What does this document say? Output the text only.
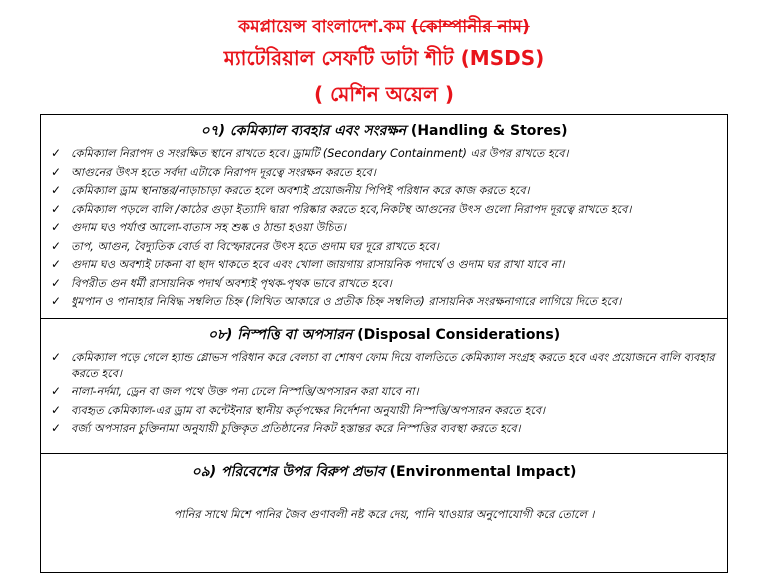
কমপ্লায়েন্স বাংলাদেশ.কম (কোম্পানীর নাম)
ম্যাটেরিয়াল সেফটি ডাটা শীট (MSDS)
( মেশিন অয়েল )
০৭) কেমিক্যাল ব্যবহার এবং সংরক্ষন (Handling & Stores)
✓ কেমিক্যাল নিরাপদ ও সংরক্ষিত স্থানে রাখতে হবে। ড্রামটি (Secondary Containment) এর উপর রাখতে হবে।
✓ আগুনের উৎস হতে সর্বদা এটাকে নিরাপদ দূরত্বে সংরক্ষন করতে হবে।
✓ কেমিক্যাল ড্রাম স্থানান্তর/নাড়াচাড়া করতে হলে অবশ্যই প্রয়োজনীয় পিপিই পরিধান করে কাজ করতে হবে।
✓ কেমিক্যাল পড়লে বালি /কাঠের গুড়া ইত্যাদি দ্বারা পরিষ্কার করতে হবে,নিকটস্থ আগুনের উৎস গুলো নিরাপদ দূরত্বে রাখতে হবে।
✓ গুদাম ঘও পর্যাপ্ত আলো-বাতাস সহ শুষ্ক ও ঠান্ডা হওয়া উচিত।
✓ তাপ, আগুন, বৈদ্যুতিক বোর্ড বা বিস্ফোরনের উৎস হতে গুদাম ঘর দূরে রাখতে হবে।
✓ গুদাম ঘও অবশ্যই ঢাকনা বা ছাদ থাকতে হবে এবং খোলা জায়গায় রাসায়নিক পদার্থে ও গুদাম ঘর রাখা যাবে না।
✓ বিপরীত গুন ধর্মী রাসায়নিক পদার্থ অবশ্যই পৃথক-পৃথক ভাবে রাখতে হবে।
✓ ধুমপান ও পানাহার নিষিদ্ধ সম্বলিত চিহ্ন (লিখিত আকারে ও প্রতীক চিহ্ন সম্বলিত) রাসায়নিক সংরক্ষনাগারে লাগিয়ে দিতে হবে।
০৮) নিস্পত্তি বা অপসারন (Disposal Considerations)
✓ কেমিক্যাল পড়ে গেলে হ্যান্ড গ্লোভস পরিধান করে বেলচা বা শোষণ ফোম দিয়ে বালতিতে কেমিক্যাল সংগ্রহ করতে হবে এবং প্রয়োজনে বালি ব্যবহার করতে হবে।
✓ নালা-নর্দমা, ড্রেন বা জল পথে উক্ত পন্য ঢেলে নিস্পত্তি/অপসারন করা যাবে না।
✓ ব্যবহৃত কেমিক্যাল-এর ড্রাম বা কন্টেইনার স্থানীয় কর্তৃপক্ষের নির্দেশনা অনুযায়ী নিস্পত্তি/অপসারন করতে হবে।
✓ বর্জ্য অপসারন চুক্তিনামা অনুযায়ী চুক্তিকৃত প্রতিষ্ঠানের নিকট হস্তান্তর করে নিস্পত্তির ব্যবস্থা করতে হবে।
০৯) পরিবেশের উপর বিরুপ প্রভাব (Environmental Impact)
পানির সাথে মিশে পানির জৈব গুণাবলী নষ্ট করে দেয়, পানি খাওয়ার অনুপোযোগী করে তোলে ।
